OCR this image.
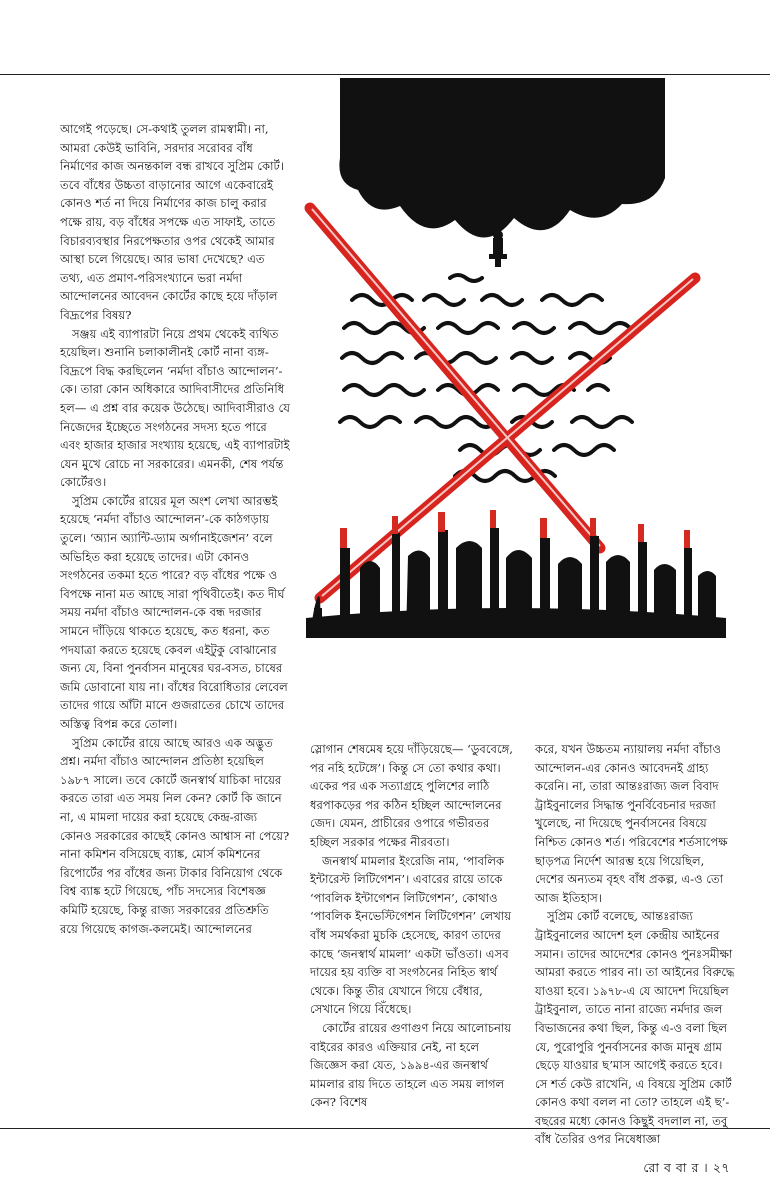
আগেই পড়েছে। সে-কথাই তুলল রামস্বামী। না, আমরা কেউই ভাবিনি, সরদার সরোবর বাঁধ নির্মাণের কাজ অনন্তকাল বন্ধ রাখবে সুপ্রিম কোর্ট। তবে বাঁধের উচ্চতা বাড়ানোর আগে একেবারেই কোনও শর্ত না দিয়ে নির্মাণের কাজ চালু করার পক্ষে রায়, বড় বাঁধের সপক্ষে এত সাফাই, তাতে বিচারব্যবস্থার নিরপেক্ষতার ওপর থেকেই আমার আস্থা চলে গিয়েছে। আর ভাষা দেখেছে? এত তথ্য, এত প্রমাণ-পরিসংখ্যানে ভরা নর্মদা আন্দোলনের আবেদন কোর্টের কাছে হয়ে দাঁড়াল বিদ্রূপের বিষয়?

সঞ্জয় এই ব্যাপারটা নিয়ে প্রথম থেকেই ব্যথিত হয়েছিল। শুনানি চলাকালীনই কোর্ট নানা ব্যঙ্গ-বিদ্রূপে বিদ্ধ করছিলেন ‘নর্মদা বাঁচাও আন্দোলন’-কে। তারা কোন অধিকারে আদিবাসীদের প্রতিনিধি হল— এ প্রশ্ন বার কয়েক উঠেছে। আদিবাসীরাও যে নিজেদের ইচ্ছেতে সংগঠনের সদস্য হতে পারে এবং হাজার হাজার সংখ্যায় হয়েছে, এই ব্যাপারটাই যেন মুখে রোচে না সরকারের। এমনকী, শেষ পর্যন্ত কোর্টেরও।

সুপ্রিম কোর্টের রায়ের মূল অংশ লেখা আরম্ভই হয়েছে ‘নর্মদা বাঁচাও আন্দোলন’-কে কাঠগড়ায় তুলে। ‘অ্যান অ্যান্টি-ড্যাম অর্গানাইজেশন’ বলে অভিহিত করা হয়েছে তাদের। এটা কোনও সংগঠনের তকমা হতে পারে? বড় বাঁধের পক্ষে ও বিপক্ষে নানা মত আছে সারা পৃথিবীতেই। কত দীর্ঘ সময় নর্মদা বাঁচাও আন্দোলন-কে বন্ধ দরজার সামনে দাঁড়িয়ে থাকতে হয়েছে, কত ধরনা, কত পদযাত্রা করতে হয়েছে কেবল এইটুকু বোঝানোর জন্য যে, বিনা পুনর্বাসন মানুষের ঘর-বসত, চাষের জমি ডোবানো যায় না। বাঁধের বিরোধিতার লেবেল তাদের গায়ে আঁটা মানে গুজরাতের চোখে তাদের অস্তিত্ব বিপন্ন করে তোলা।

সুপ্রিম কোর্টের রায়ে আছে আরও এক অদ্ভুত প্রশ্ন। নর্মদা বাঁচাও আন্দোলন প্রতিষ্ঠা হয়েছিল ১৯৮৭ সালে। তবে কোর্টে জনস্বার্থ যাচিকা দায়ের করতে তারা এত সময় নিল কেন? কোর্ট কি জানে না, এ মামলা দায়ের করা হয়েছে কেন্দ্র-রাজ্য কোনও সরকারের কাছেই কোনও আশ্বাস না পেয়ে? নানা কমিশন বসিয়েছে ব্যাঙ্ক, মোর্স কমিশনের রিপোর্টের পর বাঁধের জন্য টাকার বিনিয়োগ থেকে বিশ্ব ব্যাঙ্ক হটে গিয়েছে, পাঁচ সদস্যের বিশেষজ্ঞ কমিটি হয়েছে, কিন্তু রাজ্য সরকারের প্রতিশ্রুতি রয়ে গিয়েছে কাগজ-কলমেই। আন্দোলনের

স্লোগান শেষমেষ হয়ে দাঁড়িয়েছে— ‘ডুববেঙ্গে, পর নহি হটেঙ্গে’। কিন্তু সে তো কথার কথা। একের পর এক সত্যাগ্রহে পুলিশের লাঠি ধরপাকড়ের পর কঠিন হচ্ছিল আন্দোলনের জেদ। যেমন, প্রাচীরের ওপারে গভীরতর হচ্ছিল সরকার পক্ষের নীরবতা।

জনস্বার্থ মামলার ইংরেজি নাম, ‘পাবলিক ইন্টারেস্ট লিটিগেশন’। এবারের রায়ে তাকে ‘পাবলিক ইন্টাগেশন লিটিগেশন’, কোথাও ‘পাবলিক ইনভেস্টিগেশন লিটিগেশন’ লেখায় বাঁধ সমর্থকরা মুচকি হেসেছে, কারণ তাদের কাছে ‘জনস্বার্থ মামলা’ একটা ভাঁওতা। এসব দায়ের হয় ব্যক্তি বা সংগঠনের নিহিত স্বার্থ থেকে। কিন্তু তীর যেখানে গিয়ে বেঁধার, সেখানে গিয়ে বিঁধেছে।

কোর্টের রায়ের গুণাগুণ নিয়ে আলোচনায় বাইরের কারও এক্তিয়ার নেই, না হলে জিজ্ঞেস করা যেত, ১৯৯৪-এর জনস্বার্থ মামলার রায় দিতে তাহলে এত সময় লাগল কেন? বিশেষ

করে, যখন উচ্চতম ন্যায়ালয় নর্মদা বাঁচাও আন্দোলন-এর কোনও আবেদনই গ্রাহ্য করেনি। না, তারা আন্তঃরাজ্য জল বিবাদ ট্রাইবুনালের সিদ্ধান্ত পুনর্বিবেচনার দরজা খুলেছে, না দিয়েছে পুনর্বাসনের বিষয়ে নিশ্চিত কোনও শর্ত। পরিবেশের শর্তসাপেক্ষ ছাড়পত্র নির্দেশ আরম্ভ হয়ে গিয়েছিল, দেশের অন্যতম বৃহৎ বাঁধ প্রকল্প, এ-ও তো আজ ইতিহাস।

সুপ্রিম কোর্ট বলেছে, আন্তঃরাজ্য ট্রাইবুনালের আদেশ হল কেন্দ্রীয় আইনের সমান। তাদের আদেশের কোনও পুনঃসমীক্ষা আমরা করতে পারব না। তা আইনের বিরুদ্ধে যাওয়া হবে। ১৯৭৮-এ যে আদেশ দিয়েছিল ট্রাইবুনাল, তাতে নানা রাজ্যে নর্মদার জল বিভাজনের কথা ছিল, কিন্তু এ-ও বলা ছিল যে, পুরোপুরি পুনর্বাসনের কাজ মানুষ গ্রাম ছেড়ে যাওয়ার ছ’মাস আগেই করতে হবে। সে শর্ত কেউ রাখেনি, এ বিষয়ে সুপ্রিম কোর্ট কোনও কথা বলল না তো? তাহলে এই ছ’-বছরের মধ্যে কোনও কিছুই বদলাল না, তবু বাঁধ তৈরির ওপর নিষেধাজ্ঞা

রো ব বা র । ২৭
